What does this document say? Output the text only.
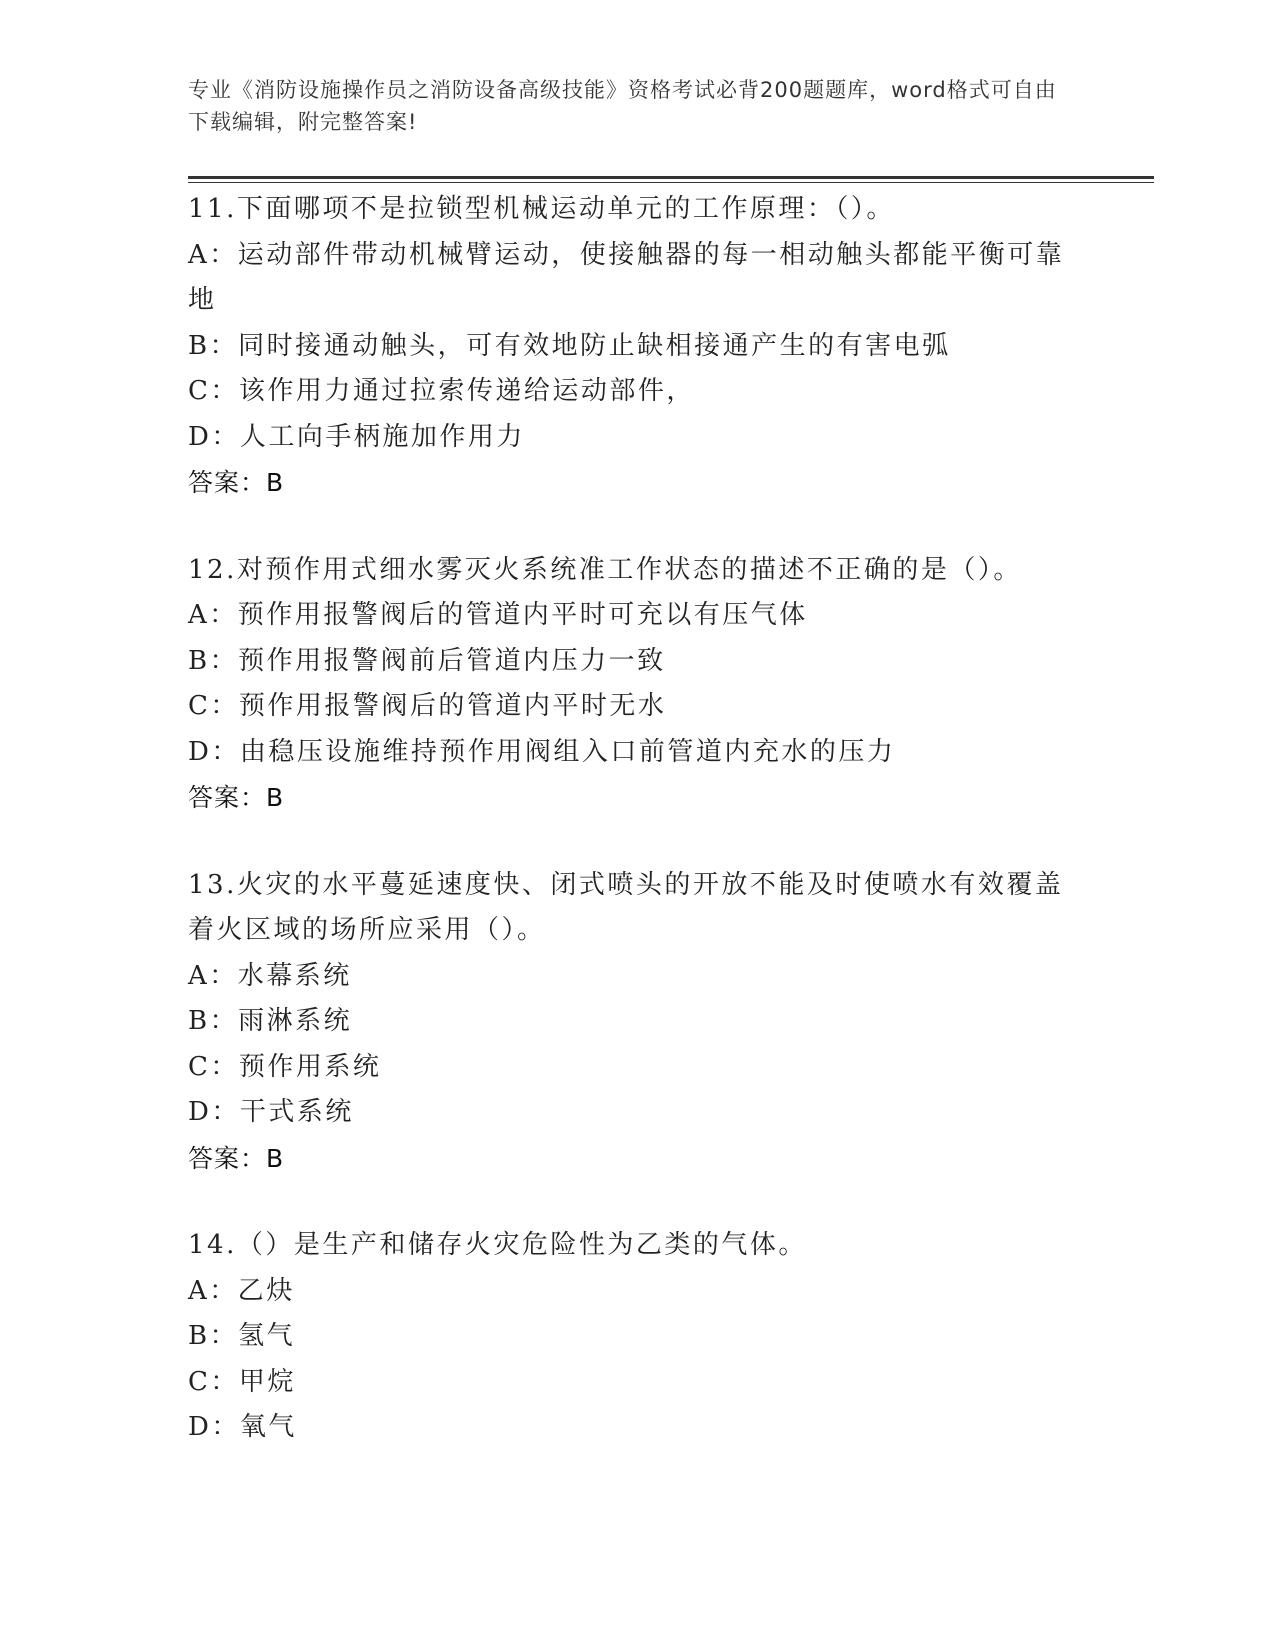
专业《消防设施操作员之消防设备高级技能》资格考试必背200题题库，word格式可自由下载编辑，附完整答案!
11.下面哪项不是拉锁型机械运动单元的工作原理：（）。
A：运动部件带动机械臂运动，使接触器的每一相动触头都能平衡可靠地
B：同时接通动触头，可有效地防止缺相接通产生的有害电弧
C：该作用力通过拉索传递给运动部件，
D：人工向手柄施加作用力
答案：B
12.对预作用式细水雾灭火系统准工作状态的描述不正确的是（）。
A：预作用报警阀后的管道内平时可充以有压气体
B：预作用报警阀前后管道内压力一致
C：预作用报警阀后的管道内平时无水
D：由稳压设施维持预作用阀组入口前管道内充水的压力
答案：B
13.火灾的水平蔓延速度快、闭式喷头的开放不能及时使喷水有效覆盖着火区域的场所应采用（）。
A：水幕系统
B：雨淋系统
C：预作用系统
D：干式系统
答案：B
14.（）是生产和储存火灾危险性为乙类的气体。
A：乙炔
B：氢气
C：甲烷
D：氧气
